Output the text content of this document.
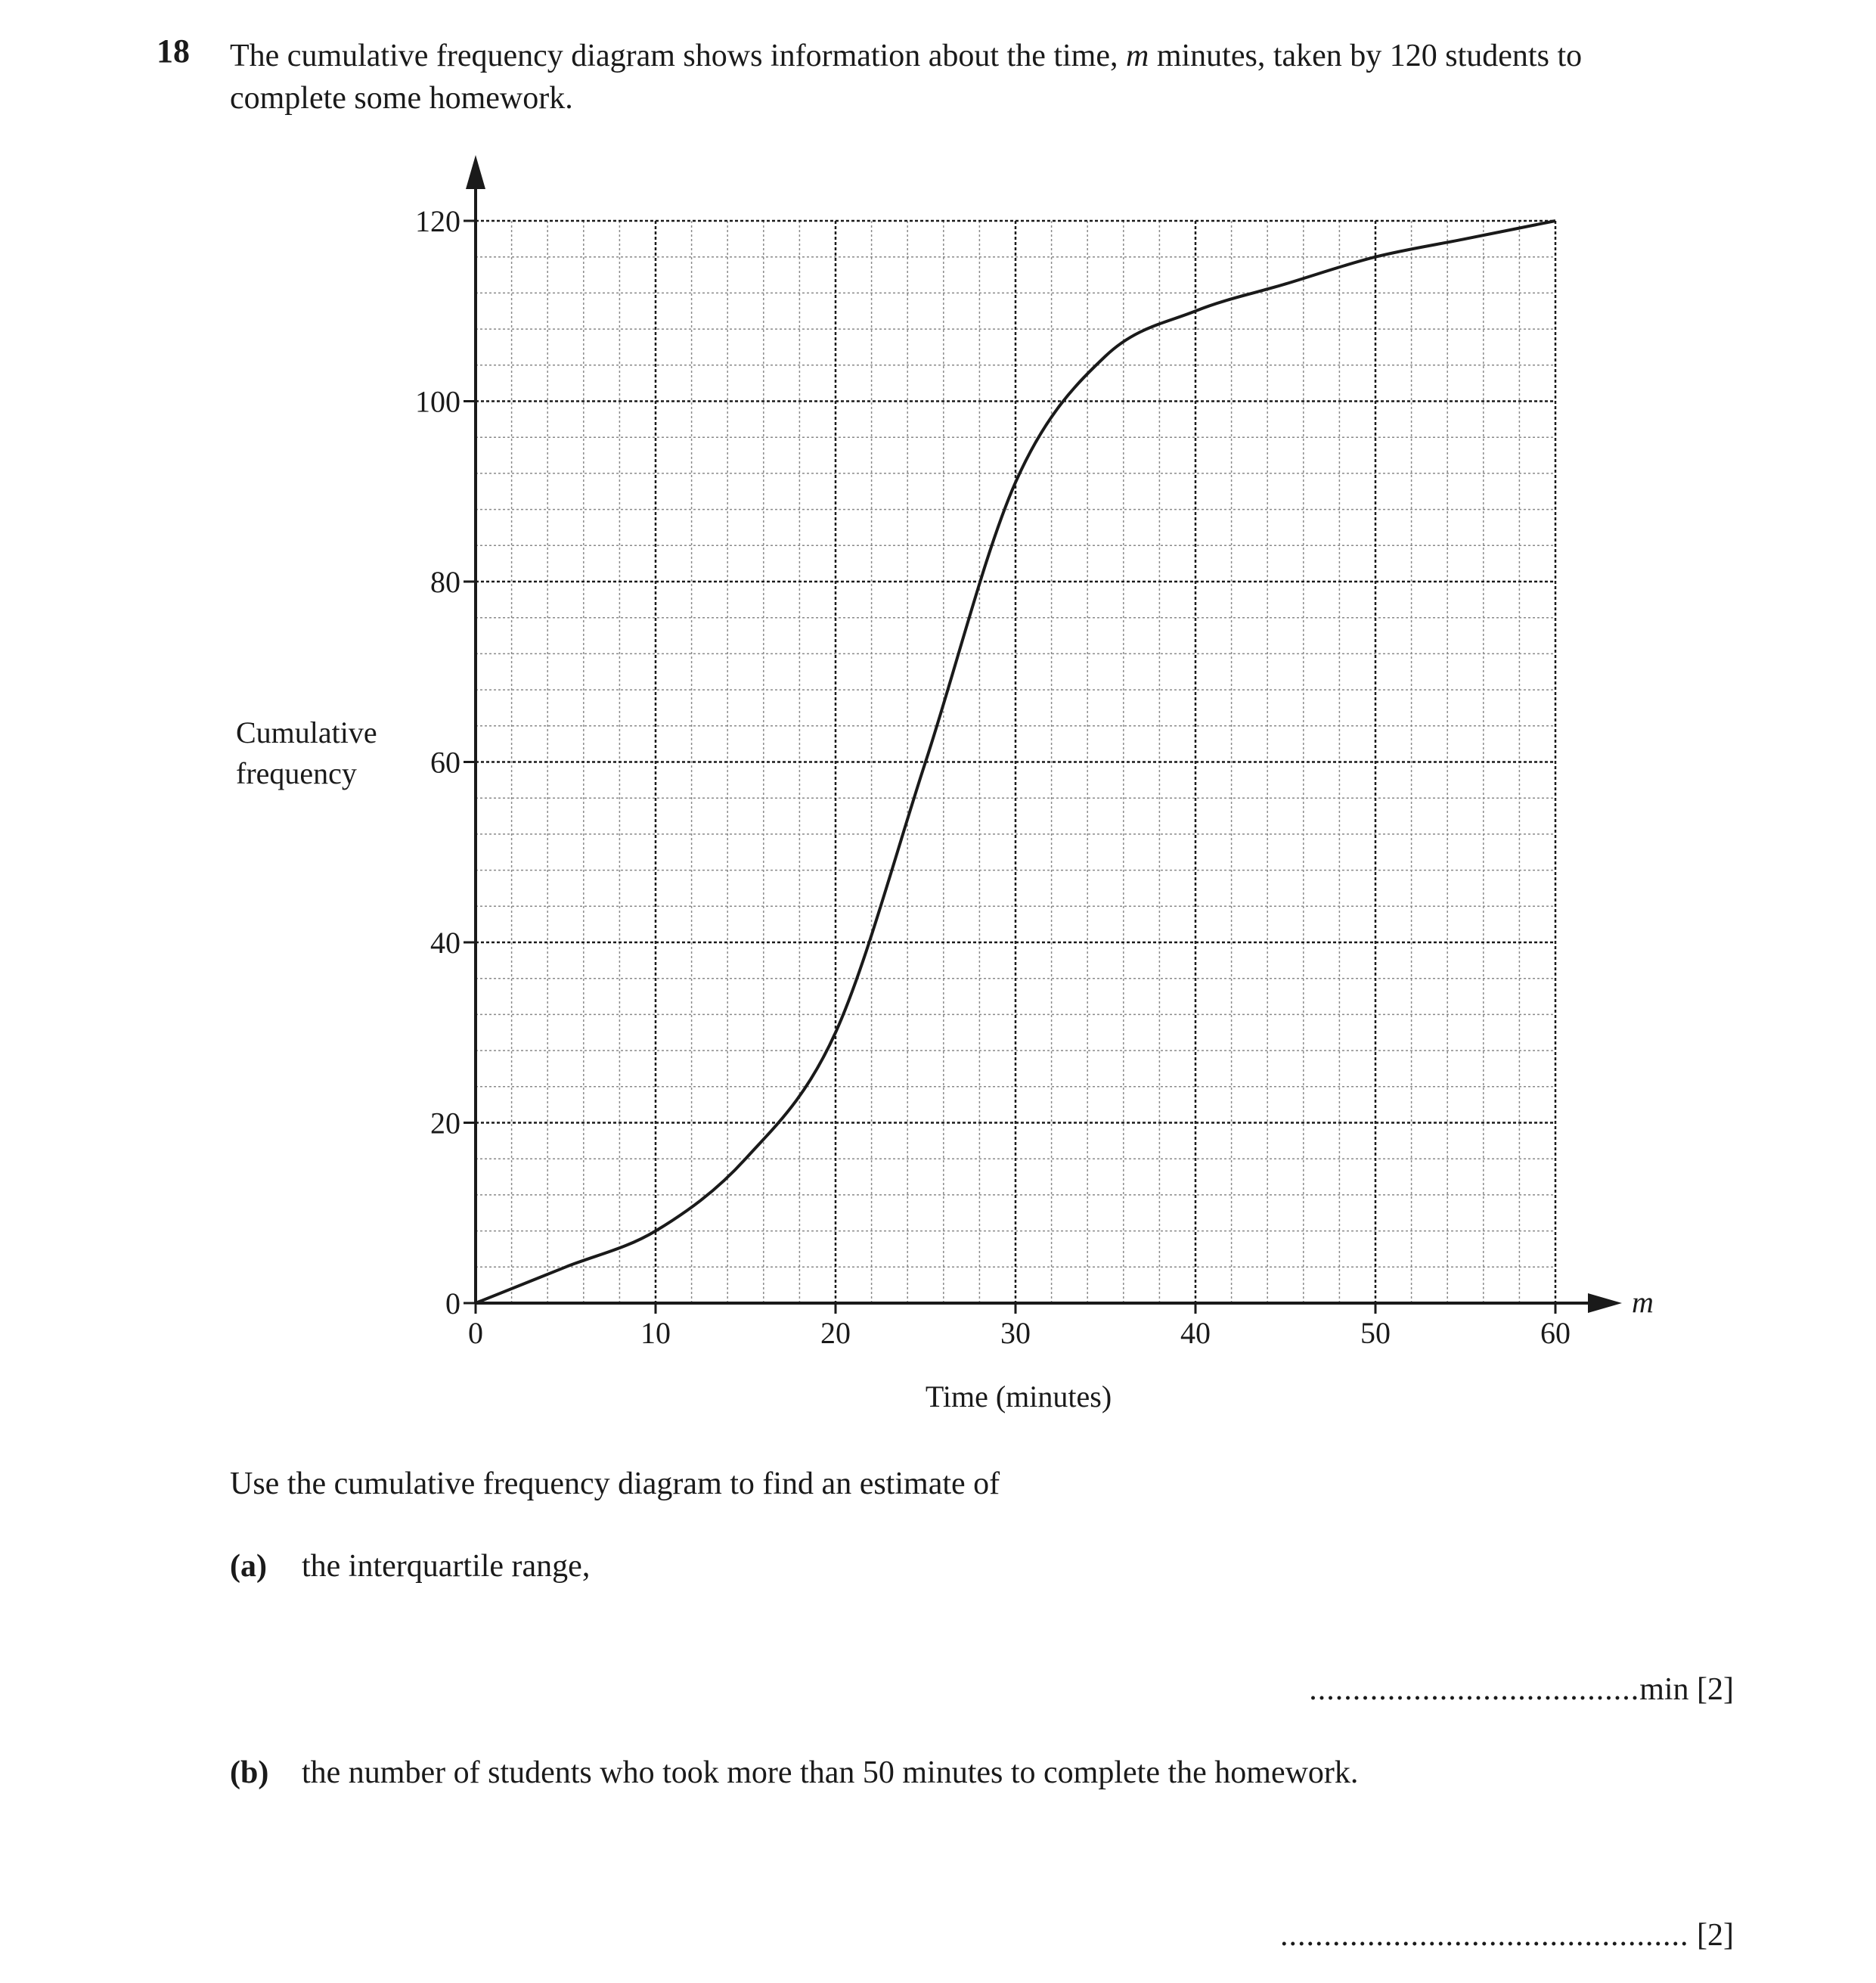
18 The cumulative frequency diagram shows information about the time, m minutes, taken by 120 students to
complete some homework.
0	10	20	30	40	50	60
0
20
40
60
80
100
120
Cumulative
frequency
Time (minutes)
m
Use the cumulative frequency diagram to find an estimate of
(a) the interquartile range,
......................................min [2]
(b) the number of students who took more than 50 minutes to complete the homework.
............................................... [2]
